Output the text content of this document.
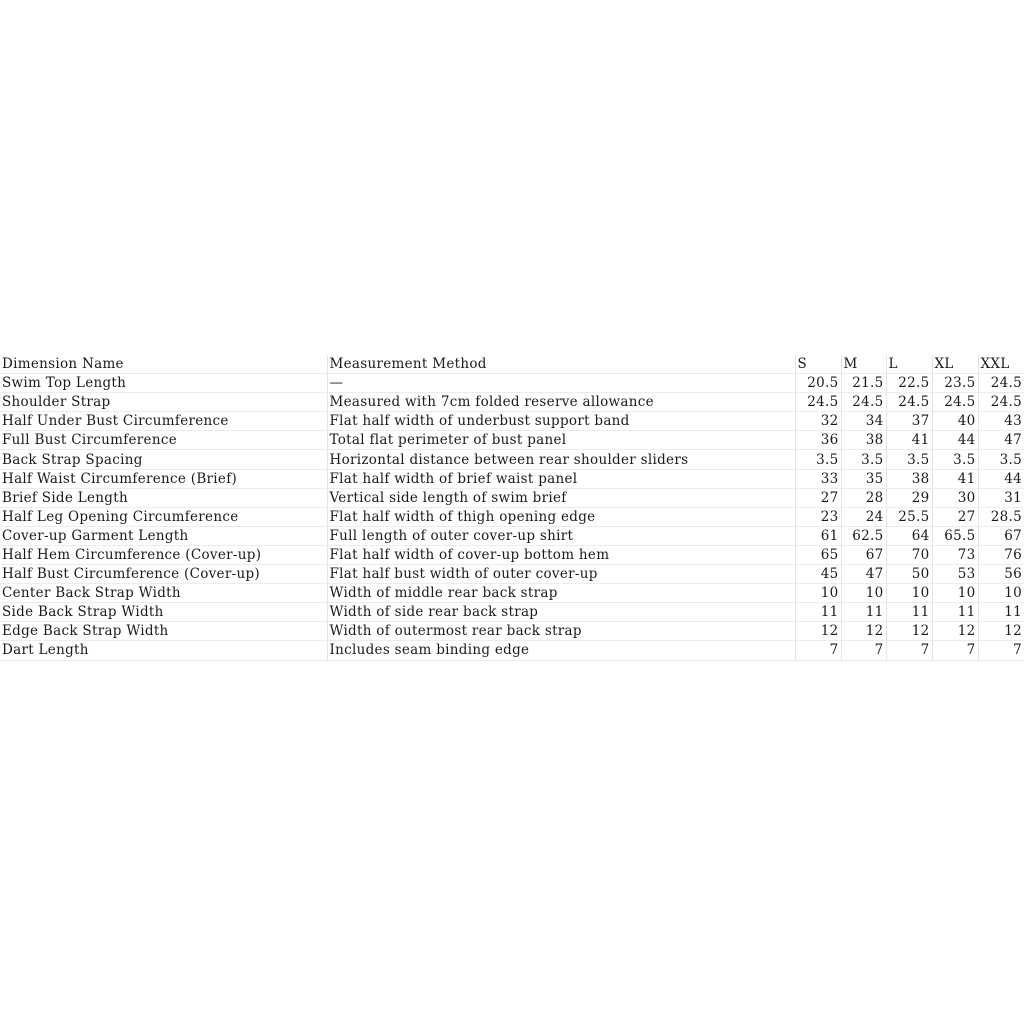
Dimension Name	Measurement Method	S	M	L	XL	XXL
Swim Top Length	—	20.5	21.5	22.5	23.5	24.5
Shoulder Strap	Measured with 7cm folded reserve allowance	24.5	24.5	24.5	24.5	24.5
Half Under Bust Circumference	Flat half width of underbust support band	32	34	37	40	43
Full Bust Circumference	Total flat perimeter of bust panel	36	38	41	44	47
Back Strap Spacing	Horizontal distance between rear shoulder sliders	3.5	3.5	3.5	3.5	3.5
Half Waist Circumference (Brief)	Flat half width of brief waist panel	33	35	38	41	44
Brief Side Length	Vertical side length of swim brief	27	28	29	30	31
Half Leg Opening Circumference	Flat half width of thigh opening edge	23	24	25.5	27	28.5
Cover-up Garment Length	Full length of outer cover-up shirt	61	62.5	64	65.5	67
Half Hem Circumference (Cover-up)	Flat half width of cover-up bottom hem	65	67	70	73	76
Half Bust Circumference (Cover-up)	Flat half bust width of outer cover-up	45	47	50	53	56
Center Back Strap Width	Width of middle rear back strap	10	10	10	10	10
Side Back Strap Width	Width of side rear back strap	11	11	11	11	11
Edge Back Strap Width	Width of outermost rear back strap	12	12	12	12	12
Dart Length	Includes seam binding edge	7	7	7	7	7
